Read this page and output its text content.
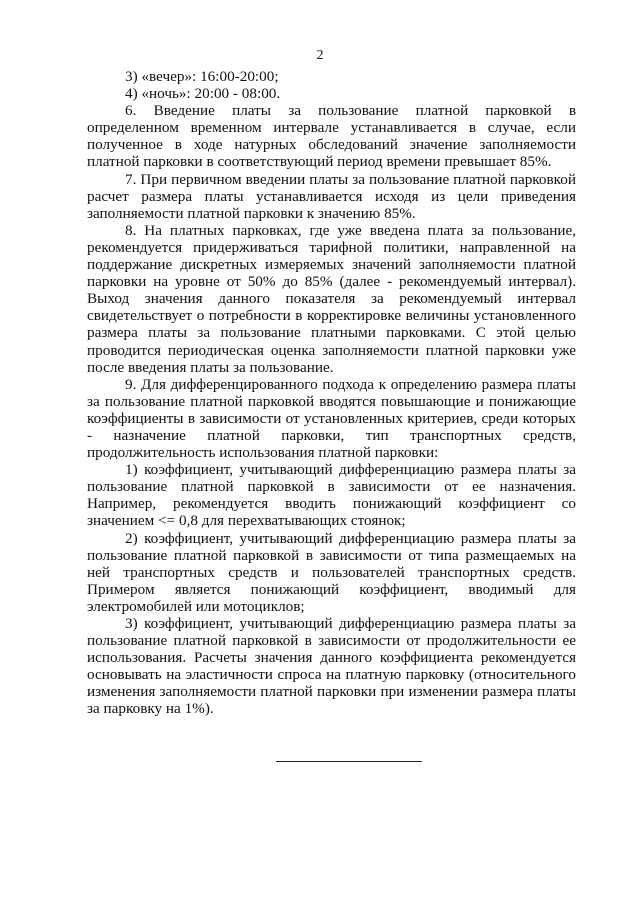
2

3) «вечер»: 16:00-20:00;

4) «ночь»: 20:00 - 08:00.

6. Введение платы за пользование платной парковкой в определенном временном интервале устанавливается в случае, если полученное в ходе натурных обследований значение заполняемости платной парковки в соответствующий период времени превышает 85%.

7. При первичном введении платы за пользование платной парковкой расчет размера платы устанавливается исходя из цели приведения заполняемости платной парковки к значению 85%.

8. На платных парковках, где уже введена плата за пользование, рекомендуется придерживаться тарифной политики, направленной на поддержание дискретных измеряемых значений заполняемости платной парковки на уровне от 50% до 85% (далее - рекомендуемый интервал). Выход значения данного показателя за рекомендуемый интервал свидетельствует о потребности в корректировке величины установленного размера платы за пользование платными парковками. С этой целью проводится периодическая оценка заполняемости платной парковки уже после введения платы за пользование.

9. Для дифференцированного подхода к определению размера платы за пользование платной парковкой вводятся повышающие и понижающие коэффициенты в зависимости от установленных критериев, среди которых - назначение платной парковки, тип транспортных средств, продолжительность использования платной парковки:

1) коэффициент, учитывающий дифференциацию размера платы за пользование платной парковкой в зависимости от ее назначения. Например, рекомендуется вводить понижающий коэффициент со значением <= 0,8 для перехватывающих стоянок;

2) коэффициент, учитывающий дифференциацию размера платы за пользование платной парковкой в зависимости от типа размещаемых на ней транспортных средств и пользователей транспортных средств. Примером является понижающий коэффициент, вводимый для электромобилей или мотоциклов;

3) коэффициент, учитывающий дифференциацию размера платы за пользование платной парковкой в зависимости от продолжительности ее использования. Расчеты значения данного коэффициента рекомендуется основывать на эластичности спроса на платную парковку (относительного изменения заполняемости платной парковки при изменении размера платы за парковку на 1%).
